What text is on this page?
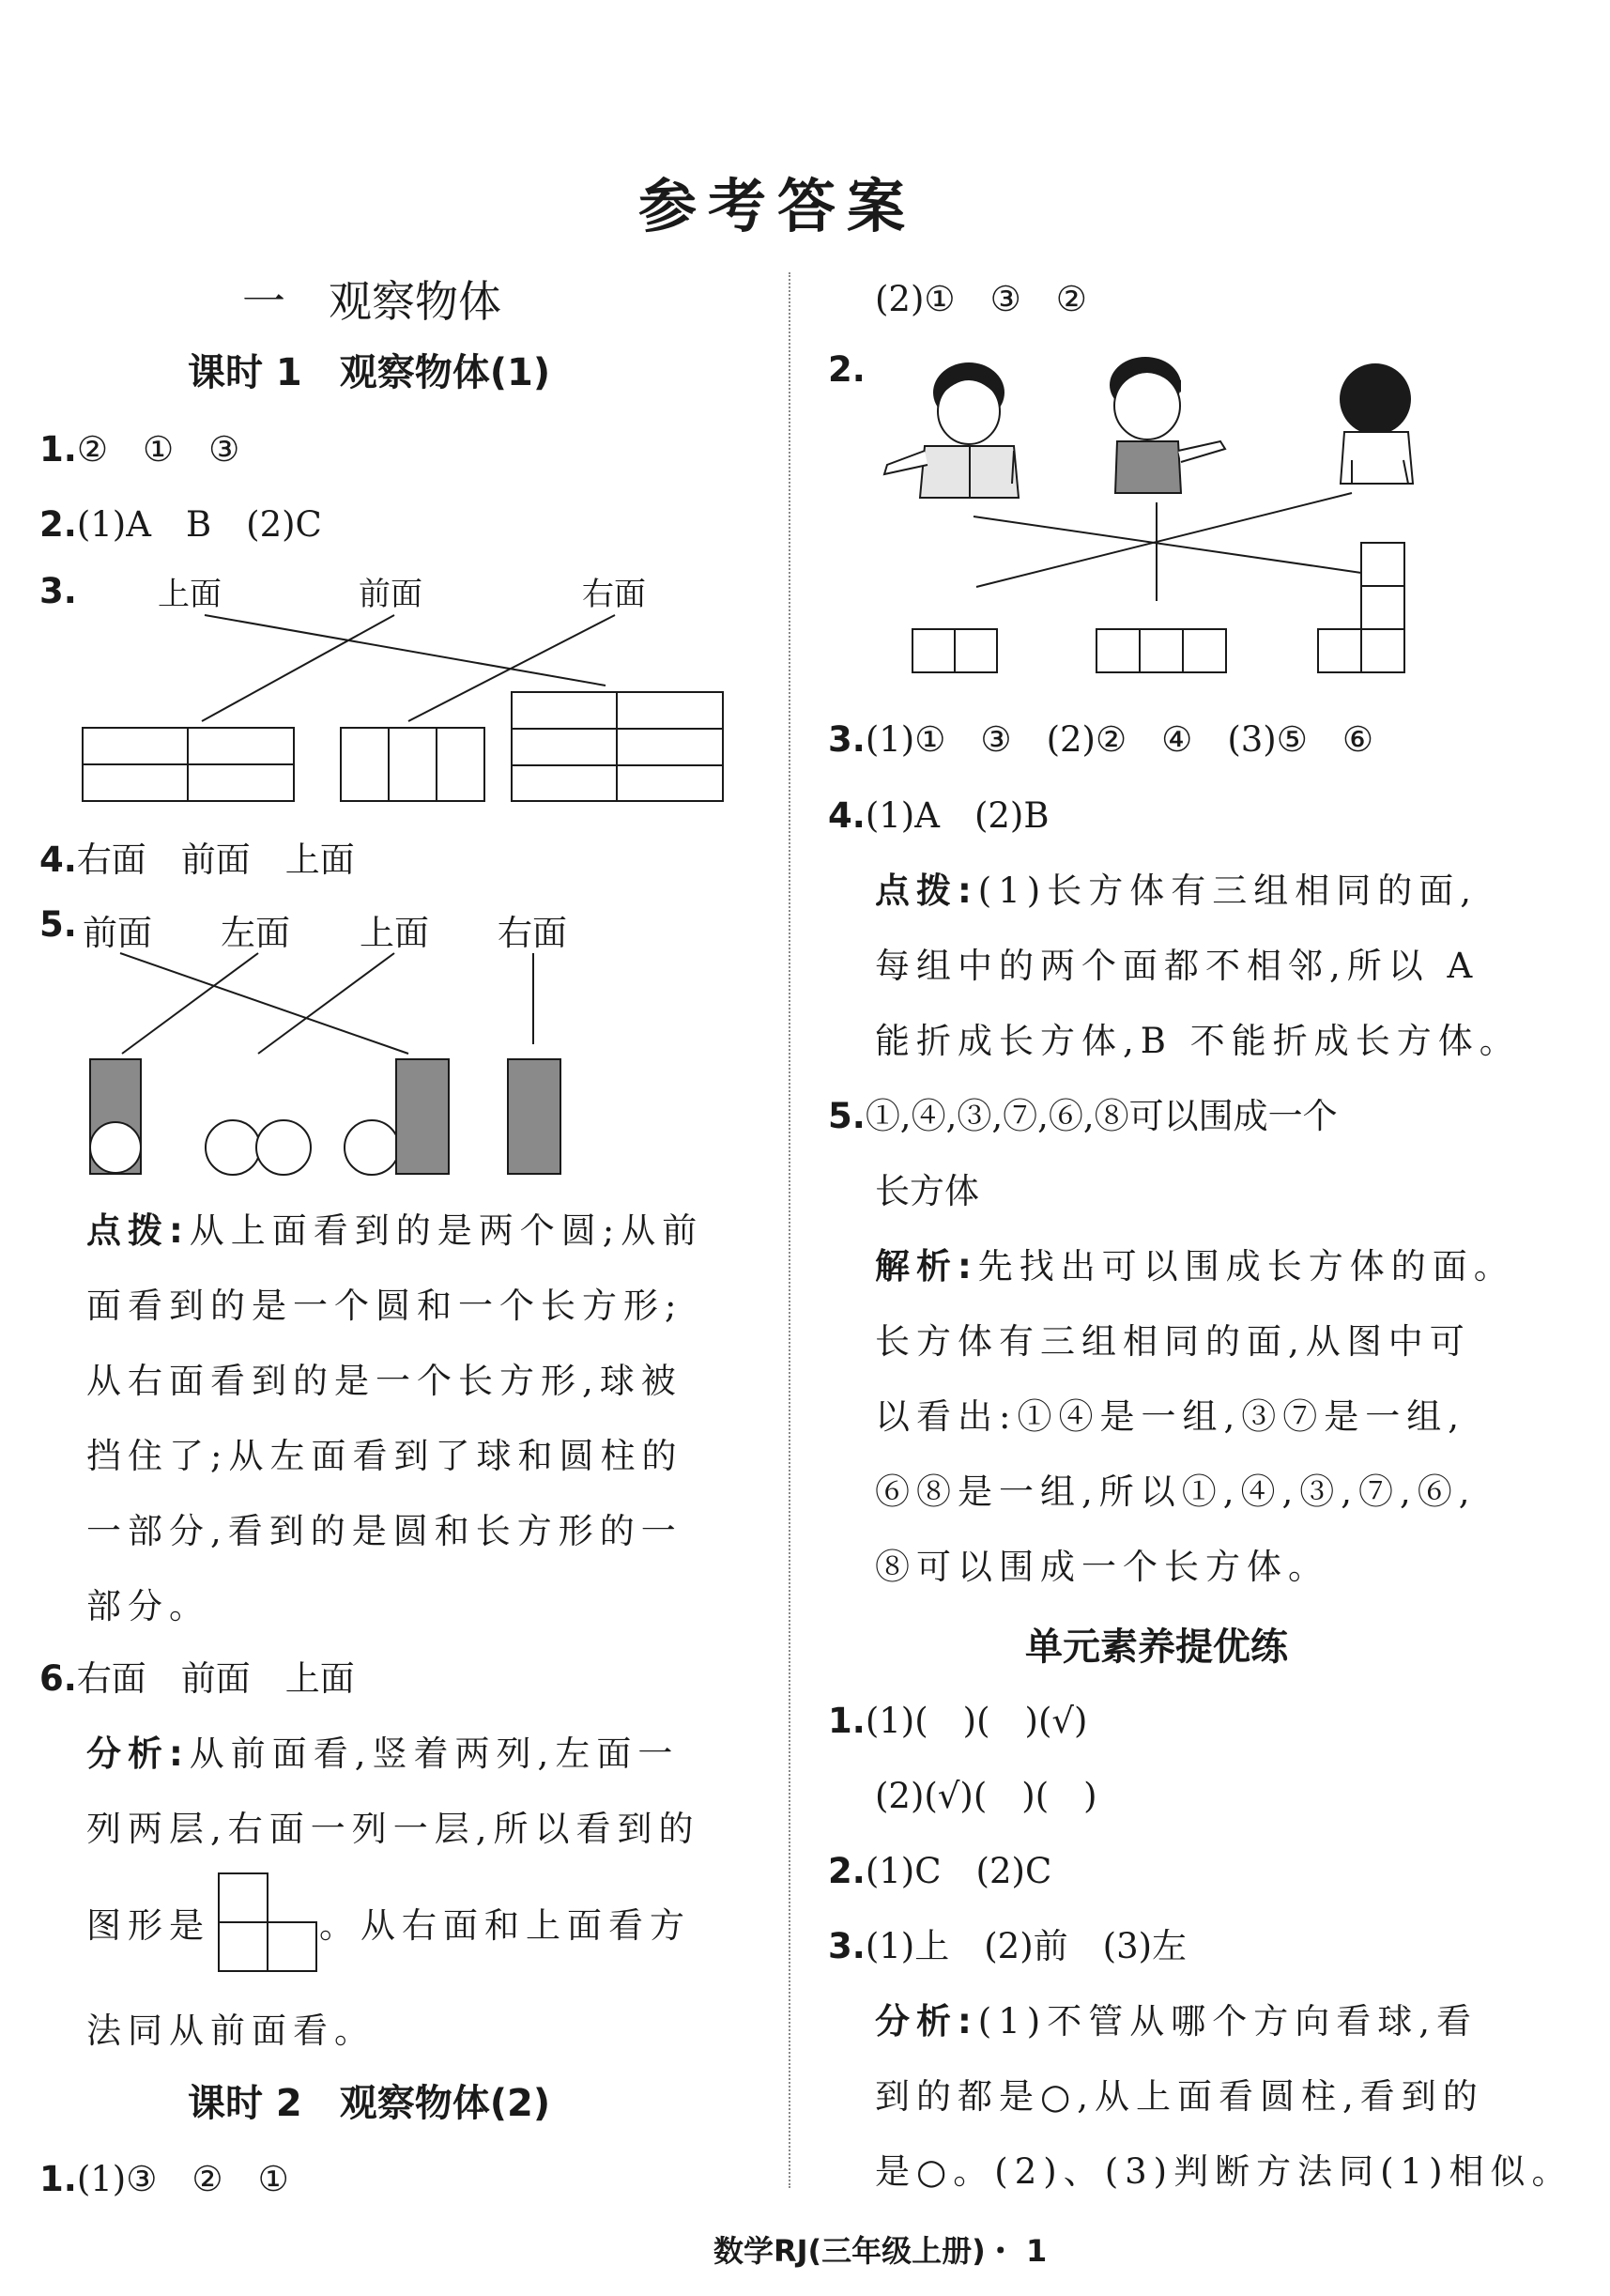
参考答案
一　观察物体
课时 1　观察物体(1)
1.②　①　③
2.(1)A　B　(2)C
3.	上面	前面	右面
4.右面　前面　上面
5. 前面 左面 上面 右面
点拨:从上面看到的是两个圆;从前
面看到的是一个圆和一个长方形;
从右面看到的是一个长方形,球被
挡住了;从左面看到了球和圆柱的
一部分,看到的是圆和长方形的一
部分。
6.右面　前面　上面
分析:从前面看,竖着两列,左面一
列两层,右面一列一层,所以看到的
图形是	。从右面和上面看方
法同从前面看。
课时 2　观察物体(2)
1.(1)③　②　①
(2)①　③　②
2.
3.(1)①　③　(2)②　④　(3)⑤　⑥
4.(1)A　(2)B
点拨:(1)长方体有三组相同的面,
每组中的两个面都不相邻,所以 A
能折成长方体,B 不能折成长方体。
5.①,④,③,⑦,⑥,⑧可以围成一个
长方体
解析:先找出可以围成长方体的面。
长方体有三组相同的面,从图中可
以看出:①④是一组,③⑦是一组,
⑥⑧是一组,所以①,④,③,⑦,⑥,
⑧可以围成一个长方体。
单元素养提优练
1.(1)(　)(　)(√)
(2)(√)(　)(　)
2.(1)C　(2)C
3.(1)上　(2)前　(3)左
分析:(1)不管从哪个方向看球,看
到的都是○,从上面看圆柱,看到的
是○。(2)、(3)判断方法同(1)相似。
数学RJ(三年级上册)・ 1
